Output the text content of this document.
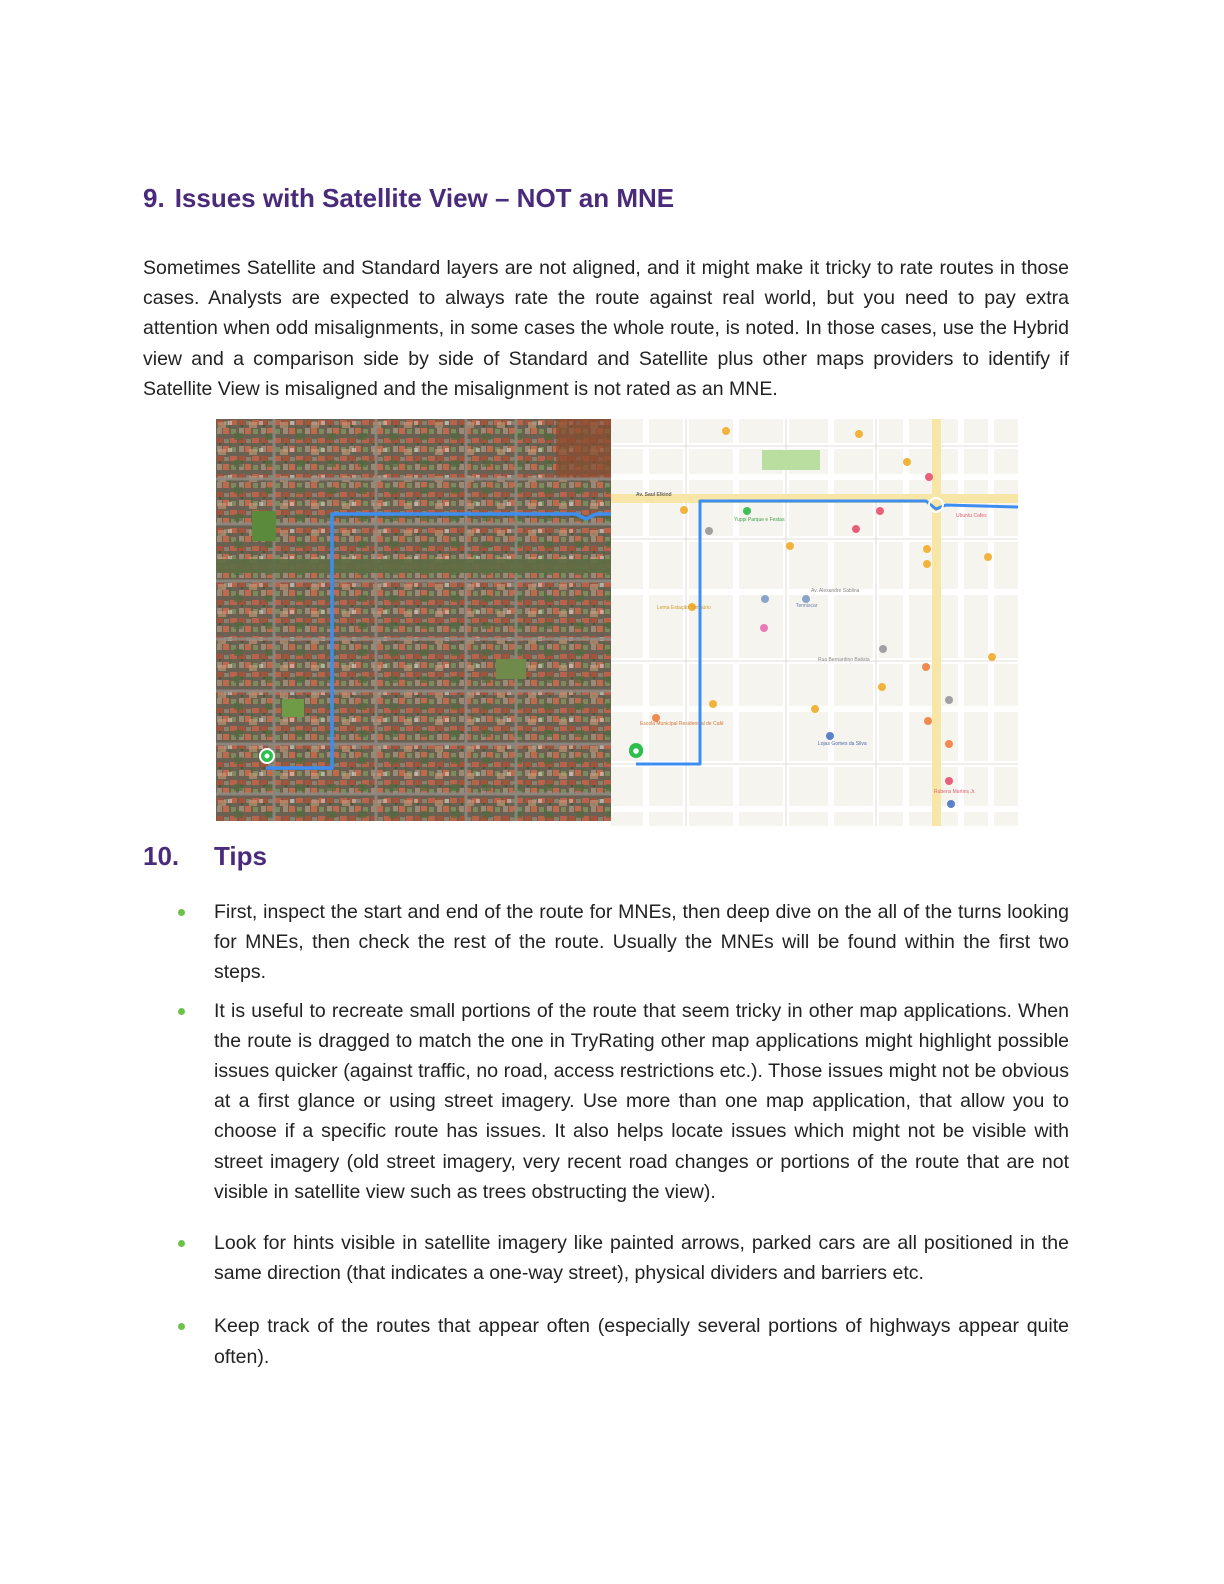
9. Issues with Satellite View – NOT an MNE

Sometimes Satellite and Standard layers are not aligned, and it might make it tricky to rate routes in those cases. Analysts are expected to always rate the route against real world, but you need to pay extra attention when odd misalignments, in some cases the whole route, is noted. In those cases, use the Hybrid view and a comparison side by side of Standard and Satellite plus other maps providers to identify if Satellite View is misaligned and the misalignment is not rated as an MNE.

Av. Saul Elkind
Av. Alexandre Sablina
Rua Bernardino Batista
Yuppi Parque e Festas
Escola Municipal Residencial de Café
Lema Estação Tambúrio	Tenniscar
Ubuntu Cafes
Lojas Gomes da Silva
Rubens Martins Jr.
10. Tips
First, inspect the start and end of the route for MNEs, then deep dive on the all of the turns looking for MNEs, then check the rest of the route. Usually the MNEs will be found within the first two steps.
It is useful to recreate small portions of the route that seem tricky in other map applications. When the route is dragged to match the one in TryRating other map applications might highlight possible issues quicker (against traffic, no road, access restrictions etc.). Those issues might not be obvious at a first glance or using street imagery. Use more than one map application, that allow you to choose if a specific route has issues. It also helps locate issues which might not be visible with street imagery (old street imagery, very recent road changes or portions of the route that are not visible in satellite view such as trees obstructing the view).
Look for hints visible in satellite imagery like painted arrows, parked cars are all positioned in the same direction (that indicates a one-way street), physical dividers and barriers etc.
Keep track of the routes that appear often (especially several portions of highways appear quite often).
